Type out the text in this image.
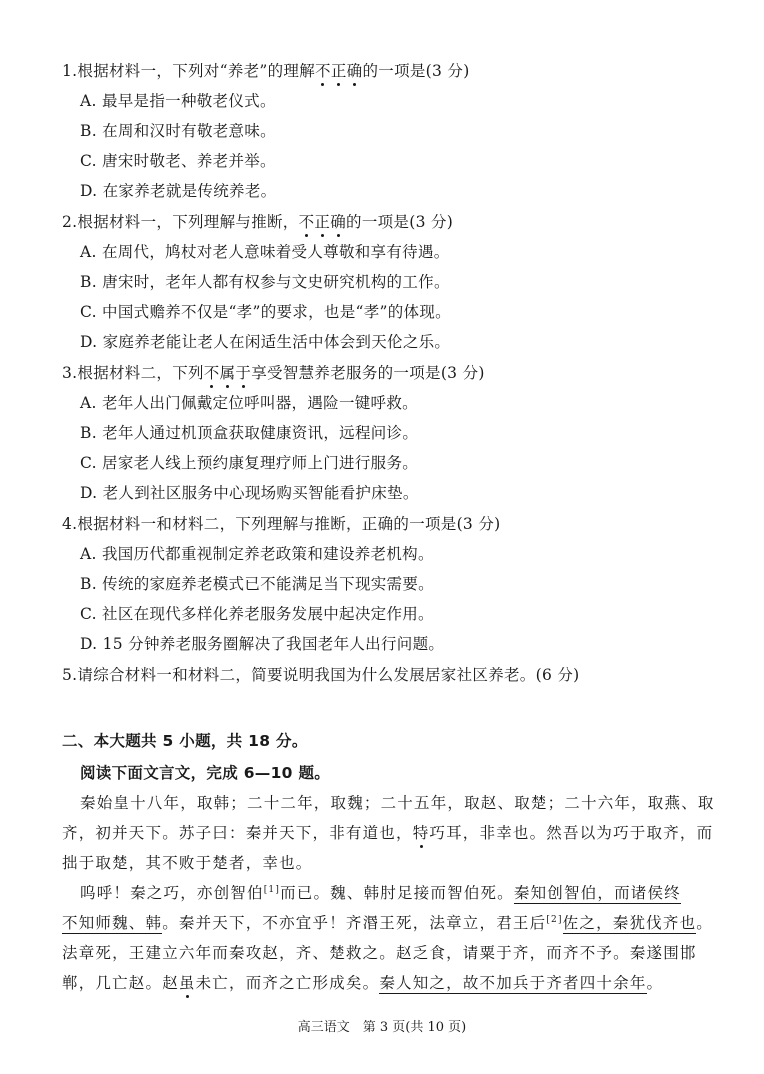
1.根据材料一，下列对“养老”的理解不正确的一项是(3 分)
A. 最早是指一种敬老仪式。
B. 在周和汉时有敬老意味。
C. 唐宋时敬老、养老并举。
D. 在家养老就是传统养老。
2.根据材料一，下列理解与推断，不正确的一项是(3 分)
A. 在周代，鸠杖对老人意味着受人尊敬和享有待遇。
B. 唐宋时，老年人都有权参与文史研究机构的工作。
C. 中国式赡养不仅是“孝”的要求，也是“孝”的体现。
D. 家庭养老能让老人在闲适生活中体会到天伦之乐。
3.根据材料二，下列不属于享受智慧养老服务的一项是(3 分)
A. 老年人出门佩戴定位呼叫器，遇险一键呼救。
B. 老年人通过机顶盒获取健康资讯，远程问诊。
C. 居家老人线上预约康复理疗师上门进行服务。
D. 老人到社区服务中心现场购买智能看护床垫。
4.根据材料一和材料二，下列理解与推断，正确的一项是(3 分)
A. 我国历代都重视制定养老政策和建设养老机构。
B. 传统的家庭养老模式已不能满足当下现实需要。
C. 社区在现代多样化养老服务发展中起决定作用。
D. 15 分钟养老服务圈解决了我国老年人出行问题。
5.请综合材料一和材料二，简要说明我国为什么发展居家社区养老。(6 分)
二、本大题共 5 小题，共 18 分。
阅读下面文言文，完成 6—10 题。
秦始皇十八年，取韩；二十二年，取魏；二十五年，取赵、取楚；二十六年，取燕、取
齐，初并天下。苏子曰：秦并天下，非有道也，特巧耳，非幸也。然吾以为巧于取齐，而
拙于取楚，其不败于楚者，幸也。
呜呼！秦之巧，亦创智伯[1]而已。魏、韩肘足接而智伯死。秦知创智伯，而诸侯终
不知师魏、韩。秦并天下，不亦宜乎！齐湣王死，法章立，君王后[2]佐之，秦犹伐齐也。
法章死，王建立六年而秦攻赵，齐、楚救之。赵乏食，请粟于齐，而齐不予。秦遂围邯
郸，几亡赵。赵虽未亡，而齐之亡形成矣。秦人知之，故不加兵于齐者四十余年。
高三语文　第 3 页(共 10 页)
